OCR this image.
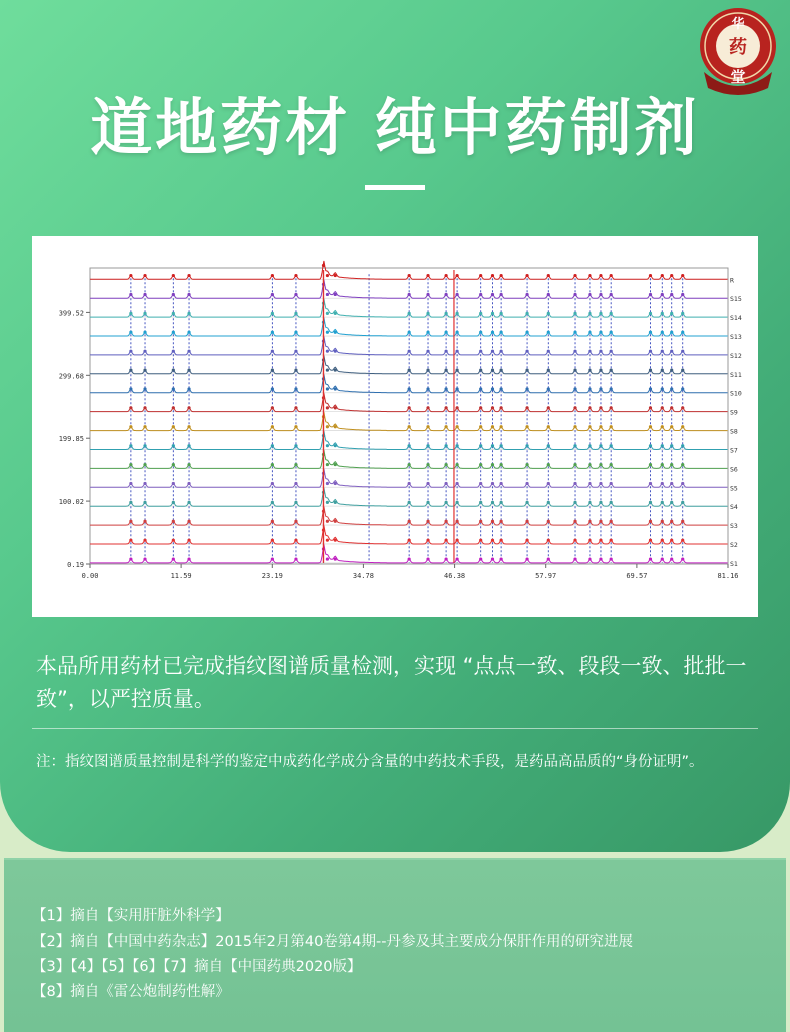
华
药
堂
道地药材 纯中药制剂
S1
S2
S3
S4
S5
S6
S7
S8
S9
S10
S11
S12
S13
S14
S15
R
0.00	11.59	23.19	34.78	46.38	57.97	69.57	81.16
0.19
100.02
199.85
299.68
399.52
本品所用药材已完成指纹图谱质量检测，实现 “点点一致、段段一致、批批一致”，以严控质量。
注：指纹图谱质量控制是科学的鉴定中成药化学成分含量的中药技术手段，是药品高品质的“身份证明”。
【1】摘自【实用肝脏外科学】
【2】摘自【中国中药杂志】2015年2月第40卷第4期--丹参及其主要成分保肝作用的研究进展
【3】【4】【5】【6】【7】摘自【中国药典2020版】
【8】摘自《雷公炮制药性解》
